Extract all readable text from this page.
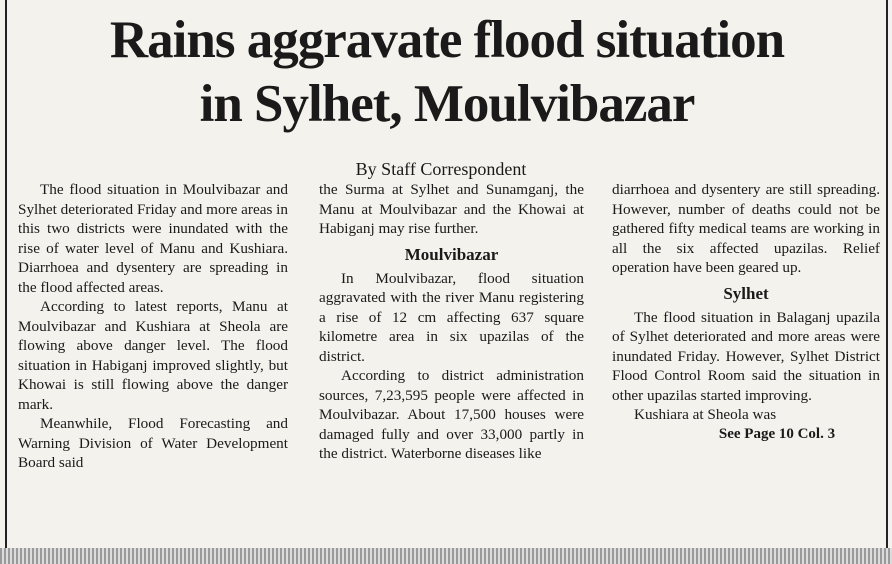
Rains aggravate flood situation
in Sylhet, Moulvibazar

By Staff Correspondent

The flood situation in Moulvibazar and Sylhet deteriorated Friday and more areas in this two districts were inundated with the rise of water level of Manu and Kushiara. Diarrhoea and dysentery are spreading in the flood affected areas.

According to latest reports, Manu at Moulvibazar and Kushiara at Sheola are flowing above danger level. The flood situation in Habiganj improved slightly, but Khowai is still flowing above the danger mark.

Meanwhile, Flood Forecasting and Warning Division of Water Development Board said

the Surma at Sylhet and Sunamganj, the Manu at Moulvibazar and the Khowai at Habiganj may rise further.

Moulvibazar

In Moulvibazar, flood situation aggravated with the river Manu registering a rise of 12 cm affecting 637 square kilometre area in six upazilas of the district.

According to district administration sources, 7,23,595 people were affected in Moulvibazar. About 17,500 houses were damaged fully and over 33,000 partly in the district. Waterborne diseases like

diarrhoea and dysentery are still spreading. However, number of deaths could not be gathered fifty medical teams are working in all the six affected upazilas. Relief operation have been geared up.

Sylhet

The flood situation in Balaganj upazila of Sylhet deteriorated and more areas were inundated Friday. However, Sylhet District Flood Control Room said the situation in other upazilas started improving.

Kushiara at Sheola was

See Page 10 Col. 3
